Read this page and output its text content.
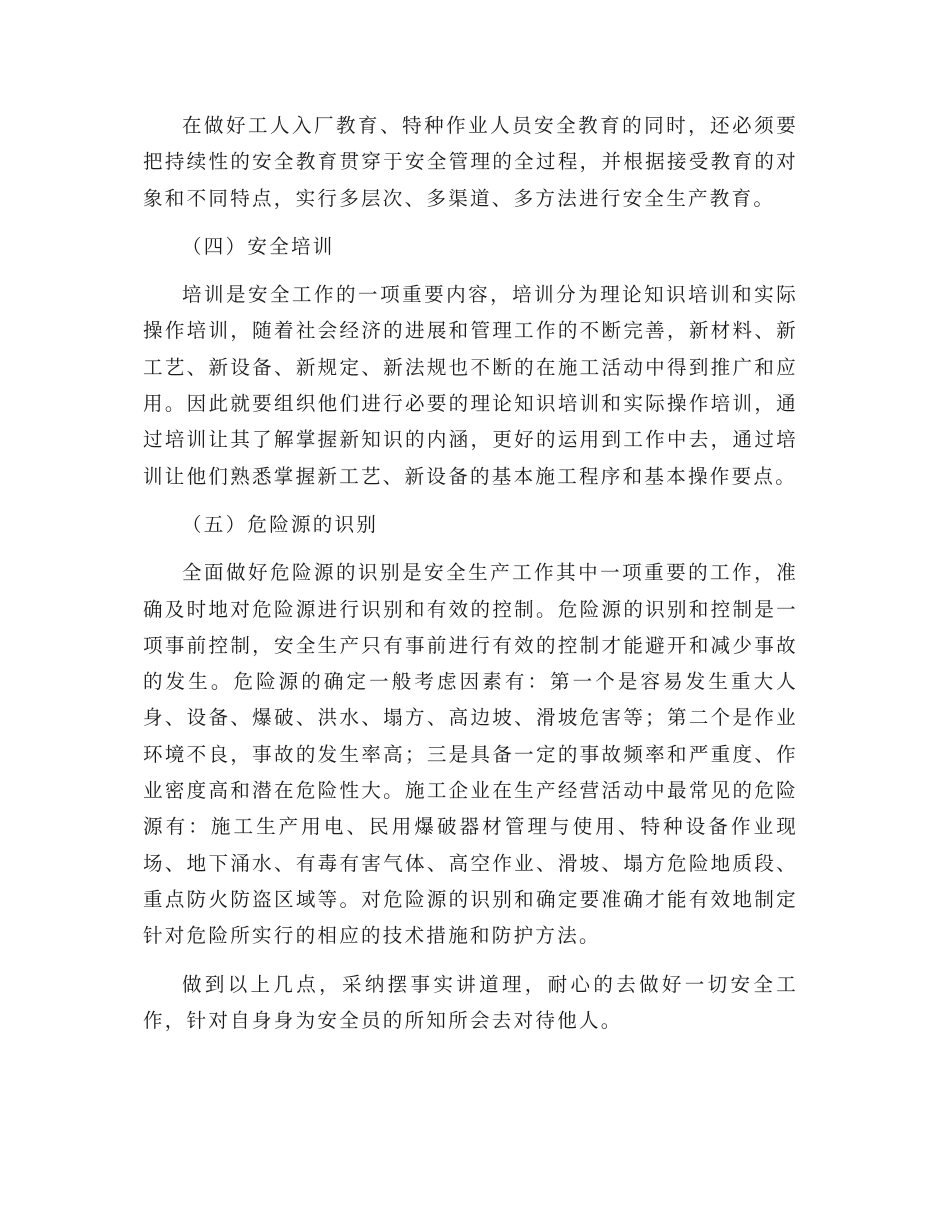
在做好工人入厂教育、特种作业人员安全教育的同时，还必须要把持续性的安全教育贯穿于安全管理的全过程，并根据接受教育的对象和不同特点，实行多层次、多渠道、多方法进行安全生产教育。

（四）安全培训

培训是安全工作的一项重要内容，培训分为理论知识培训和实际操作培训，随着社会经济的进展和管理工作的不断完善，新材料、新工艺、新设备、新规定、新法规也不断的在施工活动中得到推广和应用。因此就要组织他们进行必要的理论知识培训和实际操作培训，通过培训让其了解掌握新知识的内涵，更好的运用到工作中去，通过培训让他们熟悉掌握新工艺、新设备的基本施工程序和基本操作要点。

（五）危险源的识别

全面做好危险源的识别是安全生产工作其中一项重要的工作，准确及时地对危险源进行识别和有效的控制。危险源的识别和控制是一项事前控制，安全生产只有事前进行有效的控制才能避开和减少事故的发生。危险源的确定一般考虑因素有：第一个是容易发生重大人身、设备、爆破、洪水、塌方、高边坡、滑坡危害等；第二个是作业环境不良，事故的发生率高；三是具备一定的事故频率和严重度、作业密度高和潜在危险性大。施工企业在生产经营活动中最常见的危险源有：施工生产用电、民用爆破器材管理与使用、特种设备作业现场、地下涌水、有毒有害气体、高空作业、滑坡、塌方危险地质段、重点防火防盗区域等。对危险源的识别和确定要准确才能有效地制定针对危险所实行的相应的技术措施和防护方法。

做到以上几点，采纳摆事实讲道理，耐心的去做好一切安全工作，针对自身身为安全员的所知所会去对待他人。
